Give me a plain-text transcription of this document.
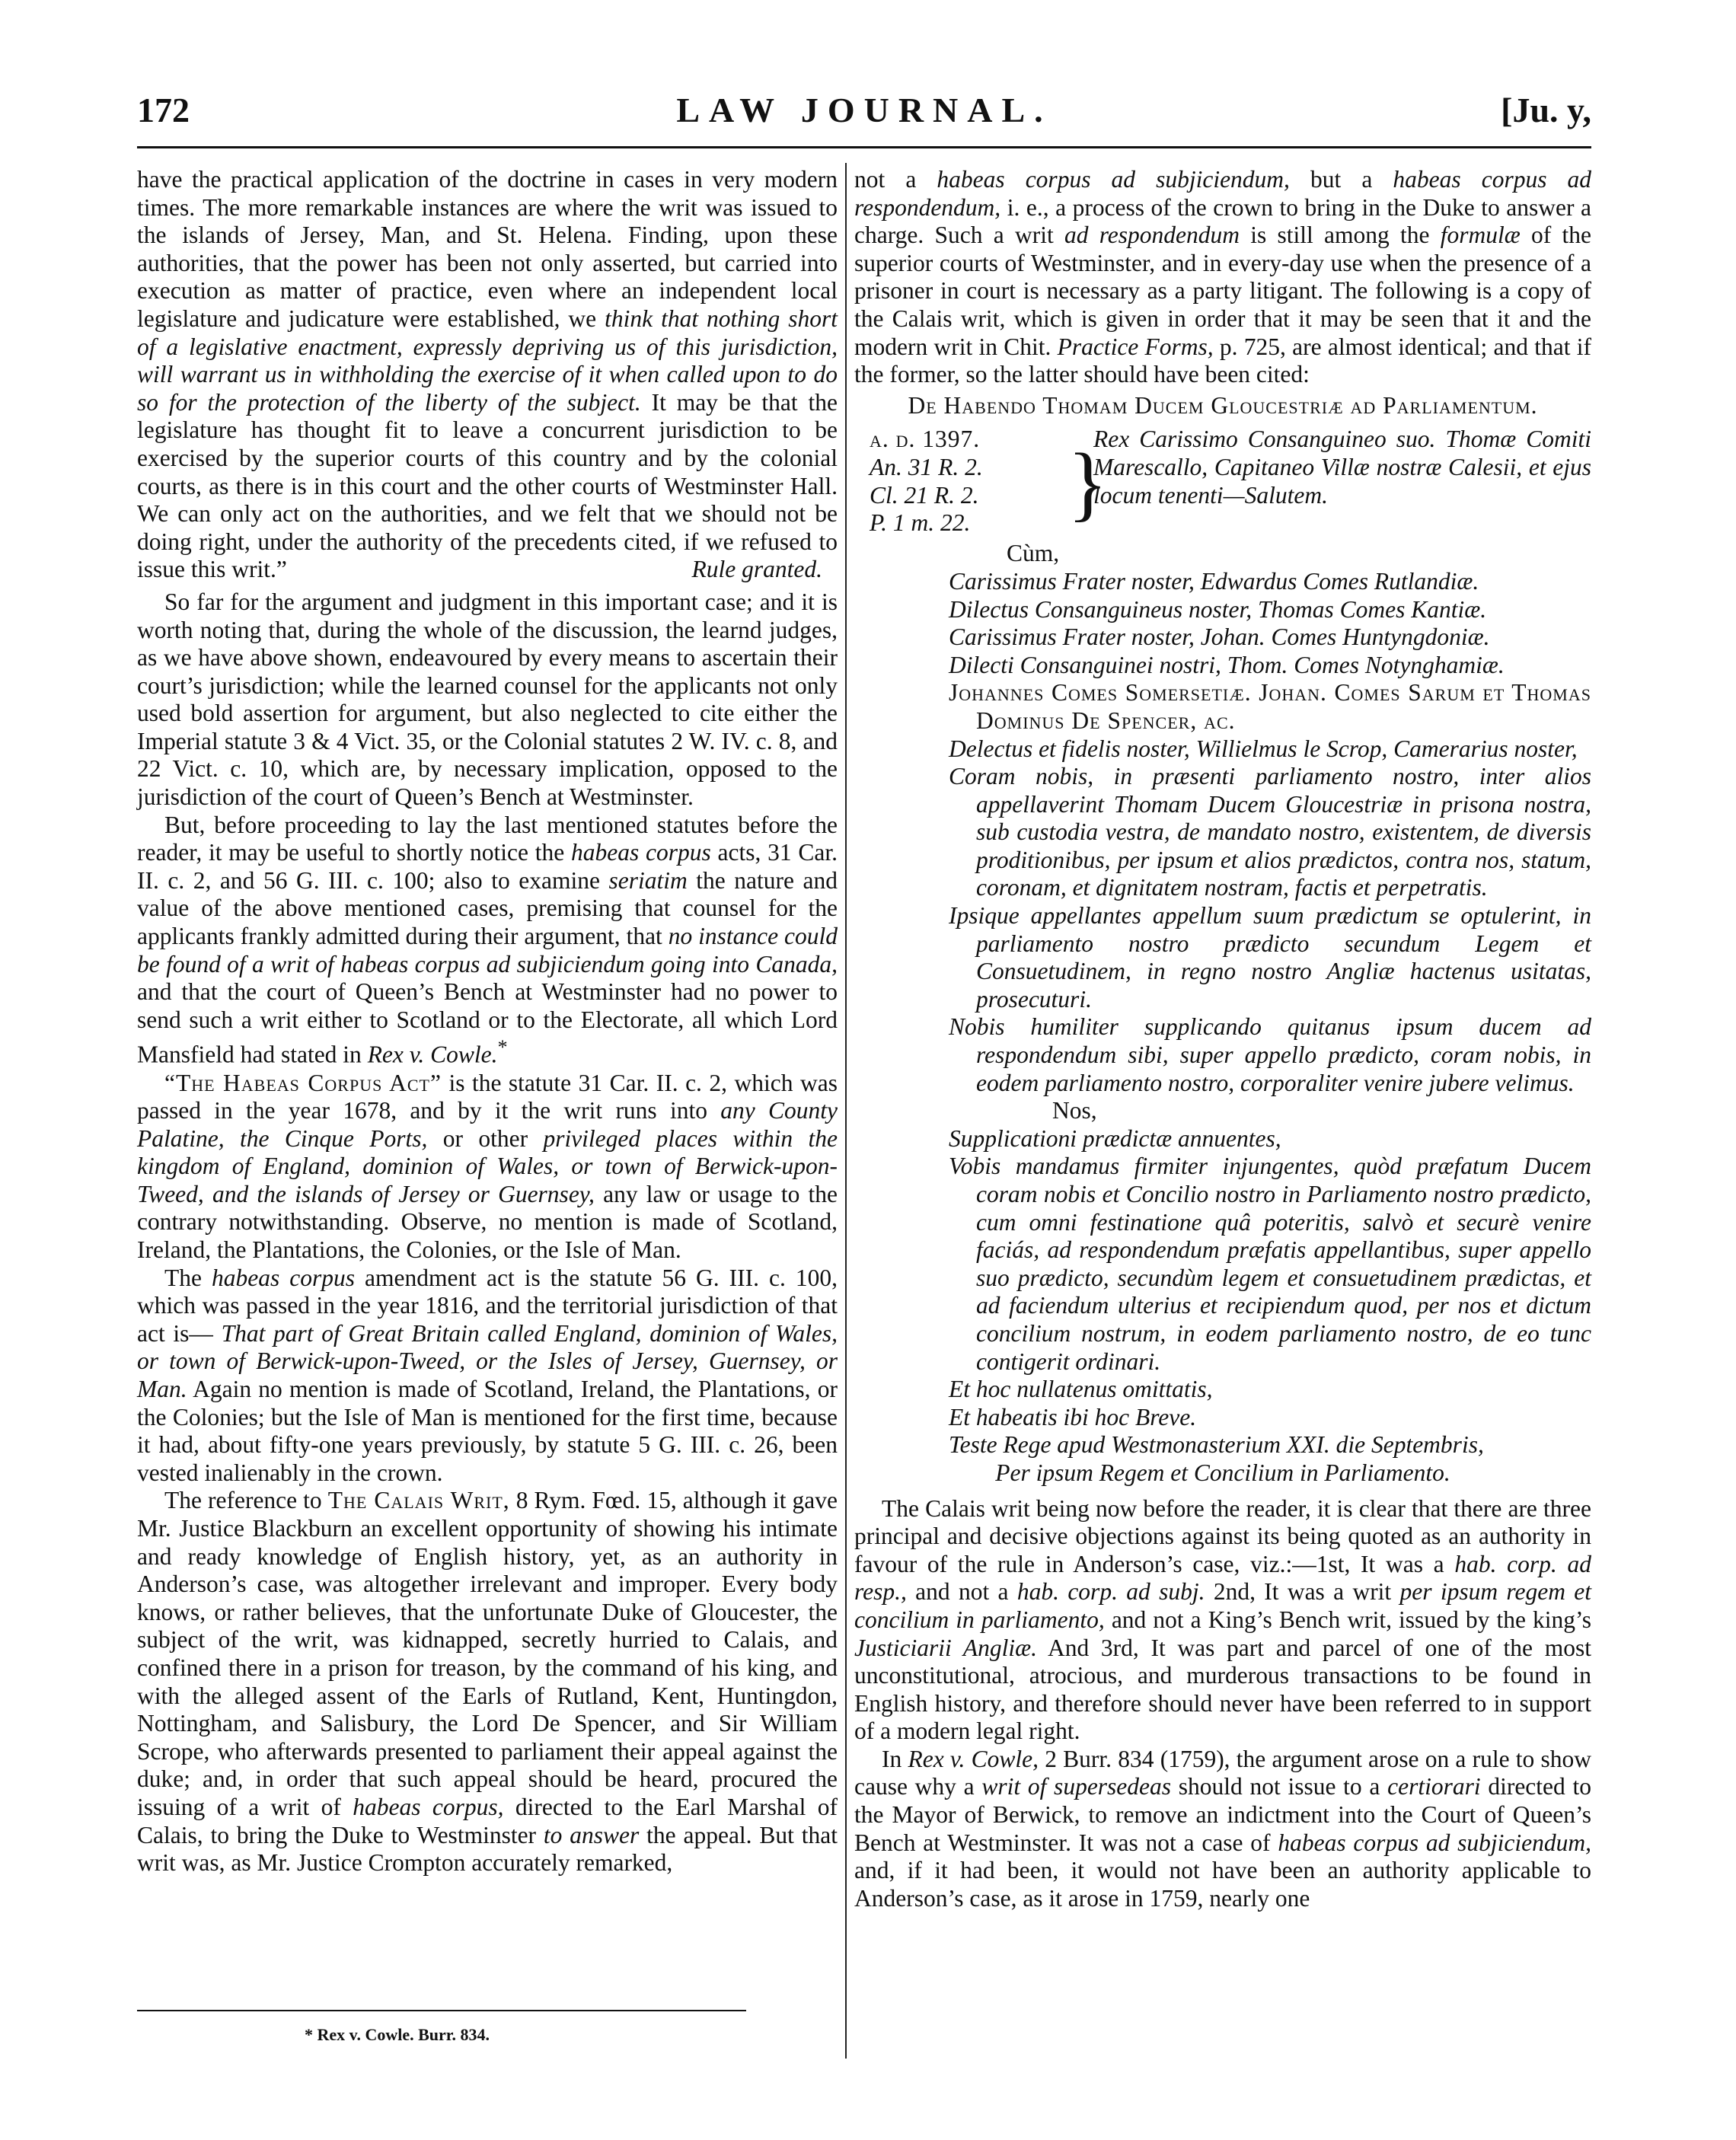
172	LAW JOURNAL.	[Ju. y,

have the practical application of the doctrine in cases in very modern times. The more remarkable instances are where the writ was issued to the islands of Jersey, Man, and St. Helena. Finding, upon these authorities, that the power has been not only asserted, but carried into execution as matter of practice, even where an independent local legislature and judicature were established, we think that nothing short of a legislative enactment, expressly depriving us of this jurisdiction, will warrant us in withholding the exercise of it when called upon to do so for the protection of the liberty of the subject. It may be that the legislature has thought fit to leave a concurrent jurisdiction to be exercised by the superior courts of this country and by the colonial courts, as there is in this court and the other courts of Westminster Hall. We can only act on the authorities, and we felt that we should not be doing right, under the authority of the precedents cited, if we refused to issue this writ.”	Rule granted.

So far for the argument and judgment in this important case; and it is worth noting that, during the whole of the discussion, the learnd judges, as we have above shown, endeavoured by every means to ascertain their court’s jurisdiction; while the learned counsel for the applicants not only used bold assertion for argument, but also neglected to cite either the Imperial statute 3 & 4 Vict. 35, or the Colonial statutes 2 W. IV. c. 8, and 22 Vict. c. 10, which are, by necessary implication, opposed to the jurisdiction of the court of Queen’s Bench at Westminster.

But, before proceeding to lay the last mentioned statutes before the reader, it may be useful to shortly notice the habeas corpus acts, 31 Car. II. c. 2, and 56 G. III. c. 100; also to examine seriatim the nature and value of the above mentioned cases, premising that counsel for the applicants frankly admitted during their argument, that no instance could be found of a writ of habeas corpus ad subjiciendum going into Canada, and that the court of Queen’s Bench at Westminster had no power to send such a writ either to Scotland or to the Electorate, all which Lord Mansfield had stated in Rex v. Cowle.*

“The Habeas Corpus Act” is the statute 31 Car. II. c. 2, which was passed in the year 1678, and by it the writ runs into any County Palatine, the Cinque Ports, or other privileged places within the kingdom of England, dominion of Wales, or town of Berwick-upon-Tweed, and the islands of Jersey or Guernsey, any law or usage to the contrary notwithstanding. Observe, no mention is made of Scotland, Ireland, the Plantations, the Colonies, or the Isle of Man.

The habeas corpus amendment act is the statute 56 G. III. c. 100, which was passed in the year 1816, and the territorial jurisdiction of that act is— That part of Great Britain called England, dominion of Wales, or town of Berwick-upon-Tweed, or the Isles of Jersey, Guernsey, or Man. Again no mention is made of Scotland, Ireland, the Plantations, or the Colonies; but the Isle of Man is mentioned for the first time, because it had, about fifty-one years previously, by statute 5 G. III. c. 26, been vested inalienably in the crown.

The reference to The Calais Writ, 8 Rym. Fœd. 15, although it gave Mr. Justice Blackburn an excellent opportunity of showing his intimate and ready knowledge of English history, yet, as an authority in Anderson’s case, was altogether irrelevant and improper. Every body knows, or rather believes, that the unfortunate Duke of Gloucester, the subject of the writ, was kidnapped, secretly hurried to Calais, and confined there in a prison for treason, by the command of his king, and with the alleged assent of the Earls of Rutland, Kent, Huntingdon, Nottingham, and Salisbury, the Lord De Spencer, and Sir William Scrope, who afterwards presented to parliament their appeal against the duke; and, in order that such appeal should be heard, procured the issuing of a writ of habeas corpus, directed to the Earl Marshal of Calais, to bring the Duke to Westminster to answer the appeal. But that writ was, as Mr. Justice Crompton accurately remarked,

not a habeas corpus ad subjiciendum, but a habeas corpus ad respondendum, i. e., a process of the crown to bring in the Duke to answer a charge. Such a writ ad respondendum is still among the formulæ of the superior courts of Westminster, and in every-day use when the presence of a prisoner in court is necessary as a party litigant. The following is a copy of the Calais writ, which is given in order that it may be seen that it and the modern writ in Chit. Practice Forms, p. 725, are almost identical; and that if the former, so the latter should have been cited:

De Habendo Thomam Ducem Gloucestriæ ad Parliamentum.

a. d. 1397.
An. 31 R. 2.
Cl. 21 R. 2.
P. 1 m. 22.	}
Rex Carissimo Consanguineo suo. Thomæ Comiti Marescallo, Capitaneo Villæ nostræ Calesii, et ejus locum tenenti—Salutem.

Cùm,

Carissimus Frater noster, Edwardus Comes Rutlandiæ.

Dilectus Consanguineus noster, Thomas Comes Kantiæ.

Carissimus Frater noster, Johan. Comes Huntyngdoniæ.

Dilecti Consanguinei nostri, Thom. Comes Notynghamiæ.

Johannes Comes Somersetiæ. Johan. Comes Sarum et Thomas Dominus De Spencer, ac.

Delectus et fidelis noster, Willielmus le Scrop, Camerarius noster,

Coram nobis, in præsenti parliamento nostro, inter alios appellaverint Thomam Ducem Gloucestriæ in prisona nostra, sub custodia vestra, de mandato nostro, existentem, de diversis proditionibus, per ipsum et alios prædictos, contra nos, statum, coronam, et dignitatem nostram, factis et perpetratis.

Ipsique appellantes appellum suum prædictum se optulerint, in parliamento nostro prædicto secundum Legem et Consuetudinem, in regno nostro Angliæ hactenus usitatas, prosecuturi.

Nobis humiliter supplicando quitanus ipsum ducem ad respondendum sibi, super appello prædicto, coram nobis, in eodem parliamento nostro, corporaliter venire jubere velimus.

Nos,

Supplicationi prædictæ annuentes,

Vobis mandamus firmiter injungentes, quòd præfatum Ducem coram nobis et Concilio nostro in Parliamento nostro prædicto, cum omni festinatione quâ poteritis, salvò et securè venire faciás, ad respondendum præfatis appellantibus, super appello suo prædicto, secundùm legem et consuetudinem prædictas, et ad faciendum ulterius et recipiendum quod, per nos et dictum concilium nostrum, in eodem parliamento nostro, de eo tunc contigerit ordinari.

Et hoc nullatenus omittatis,

Et habeatis ibi hoc Breve.

Teste Rege apud Westmonasterium XXI. die Septembris,

Per ipsum Regem et Concilium in Parliamento.

The Calais writ being now before the reader, it is clear that there are three principal and decisive objections against its being quoted as an authority in favour of the rule in Anderson’s case, viz.:—1st, It was a hab. corp. ad resp., and not a hab. corp. ad subj. 2nd, It was a writ per ipsum regem et concilium in parliamento, and not a King’s Bench writ, issued by the king’s Justiciarii Angliæ. And 3rd, It was part and parcel of one of the most unconstitutional, atrocious, and murderous transactions to be found in English history, and therefore should never have been referred to in support of a modern legal right.

In Rex v. Cowle, 2 Burr. 834 (1759), the argument arose on a rule to show cause why a writ of supersedeas should not issue to a certiorari directed to the Mayor of Berwick, to remove an indictment into the Court of Queen’s Bench at Westminster. It was not a case of habeas corpus ad subjiciendum, and, if it had been, it would not have been an authority applicable to Anderson’s case, as it arose in 1759, nearly one

* Rex v. Cowle. Burr. 834.
